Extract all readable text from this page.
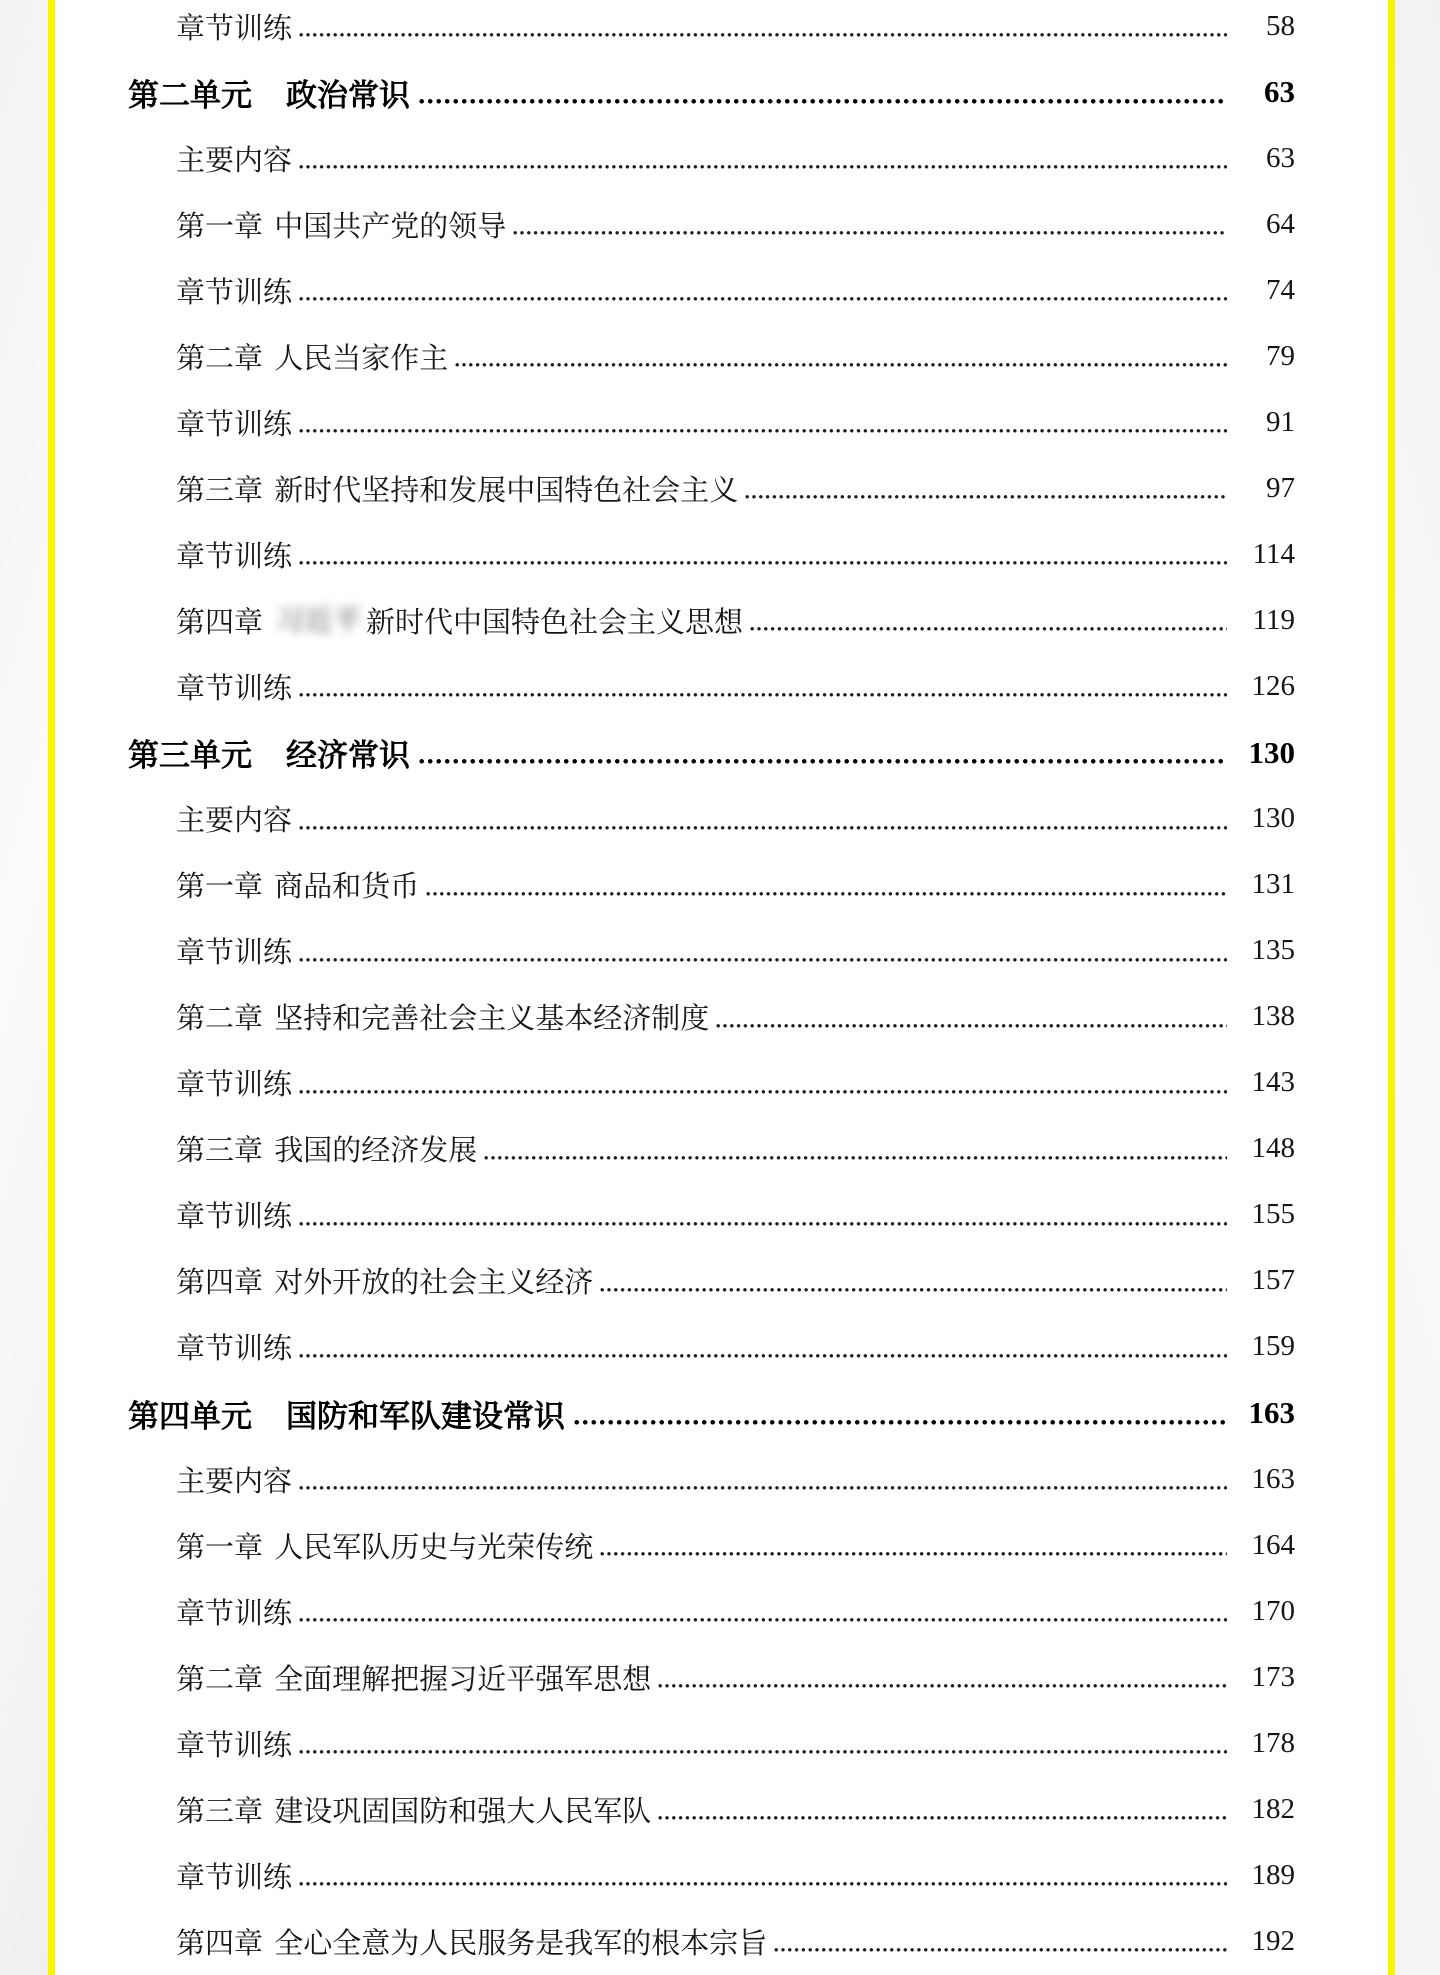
章节训练	58
第二单元 政治常识	63
主要内容	63
第一章 中国共产党的领导	64
章节训练	74
第二章 人民当家作主	79
章节训练	91
第三章 新时代坚持和发展中国特色社会主义	97
章节训练	114
第四章 习近平 新时代中国特色社会主义思想	119
章节训练	126
第三单元 经济常识	130
主要内容	130
第一章 商品和货币	131
章节训练	135
第二章 坚持和完善社会主义基本经济制度	138
章节训练	143
第三章 我国的经济发展	148
章节训练	155
第四章 对外开放的社会主义经济	157
章节训练	159
第四单元 国防和军队建设常识	163
主要内容	163
第一章 人民军队历史与光荣传统	164
章节训练	170
第二章 全面理解把握习近平强军思想	173
章节训练	178
第三章 建设巩固国防和强大人民军队	182
章节训练	189
第四章 全心全意为人民服务是我军的根本宗旨	192
